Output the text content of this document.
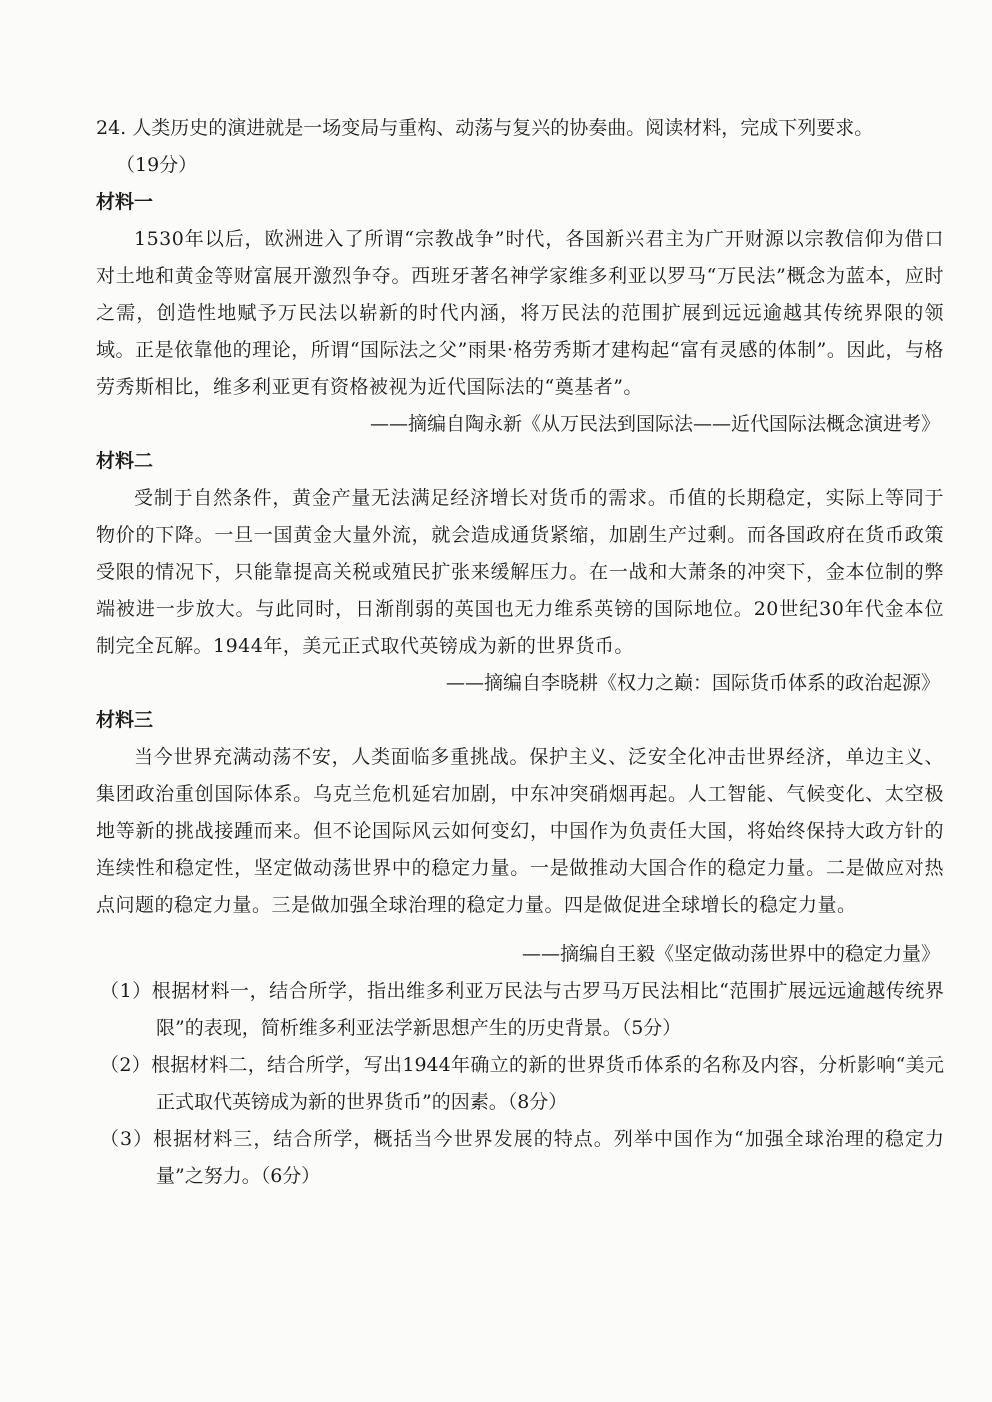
24. 人类历史的演进就是一场变局与重构、动荡与复兴的协奏曲。阅读材料，完成下列要求。

（19分）

材料一

1530年以后，欧洲进入了所谓“宗教战争”时代，各国新兴君主为广开财源以宗教信仰为借口对土地和黄金等财富展开激烈争夺。西班牙著名神学家维多利亚以罗马“万民法”概念为蓝本，应时之需，创造性地赋予万民法以崭新的时代内涵，将万民法的范围扩展到远远逾越其传统界限的领域。正是依靠他的理论，所谓“国际法之父”雨果·格劳秀斯才建构起“富有灵感的体制”。因此，与格劳秀斯相比，维多利亚更有资格被视为近代国际法的“奠基者”。

——摘编自陶永新《从万民法到国际法——近代国际法概念演进考》

材料二

受制于自然条件，黄金产量无法满足经济增长对货币的需求。币值的长期稳定，实际上等同于物价的下降。一旦一国黄金大量外流，就会造成通货紧缩，加剧生产过剩。而各国政府在货币政策受限的情况下，只能靠提高关税或殖民扩张来缓解压力。在一战和大萧条的冲突下，金本位制的弊端被进一步放大。与此同时，日渐削弱的英国也无力维系英镑的国际地位。20世纪30年代金本位制完全瓦解。1944年，美元正式取代英镑成为新的世界货币。

——摘编自李晓耕《权力之巅：国际货币体系的政治起源》

材料三

当今世界充满动荡不安，人类面临多重挑战。保护主义、泛安全化冲击世界经济，单边主义、集团政治重创国际体系。乌克兰危机延宕加剧，中东冲突硝烟再起。人工智能、气候变化、太空极地等新的挑战接踵而来。但不论国际风云如何变幻，中国作为负责任大国，将始终保持大政方针的连续性和稳定性，坚定做动荡世界中的稳定力量。一是做推动大国合作的稳定力量。二是做应对热点问题的稳定力量。三是做加强全球治理的稳定力量。四是做促进全球增长的稳定力量。

——摘编自王毅《坚定做动荡世界中的稳定力量》

（1）根据材料一，结合所学，指出维多利亚万民法与古罗马万民法相比“范围扩展远远逾越传统界限”的表现，简析维多利亚法学新思想产生的历史背景。（5分）

（2）根据材料二，结合所学，写出1944年确立的新的世界货币体系的名称及内容，分析影响“美元正式取代英镑成为新的世界货币”的因素。（8分）

（3）根据材料三，结合所学，概括当今世界发展的特点。列举中国作为“加强全球治理的稳定力量”之努力。（6分）
